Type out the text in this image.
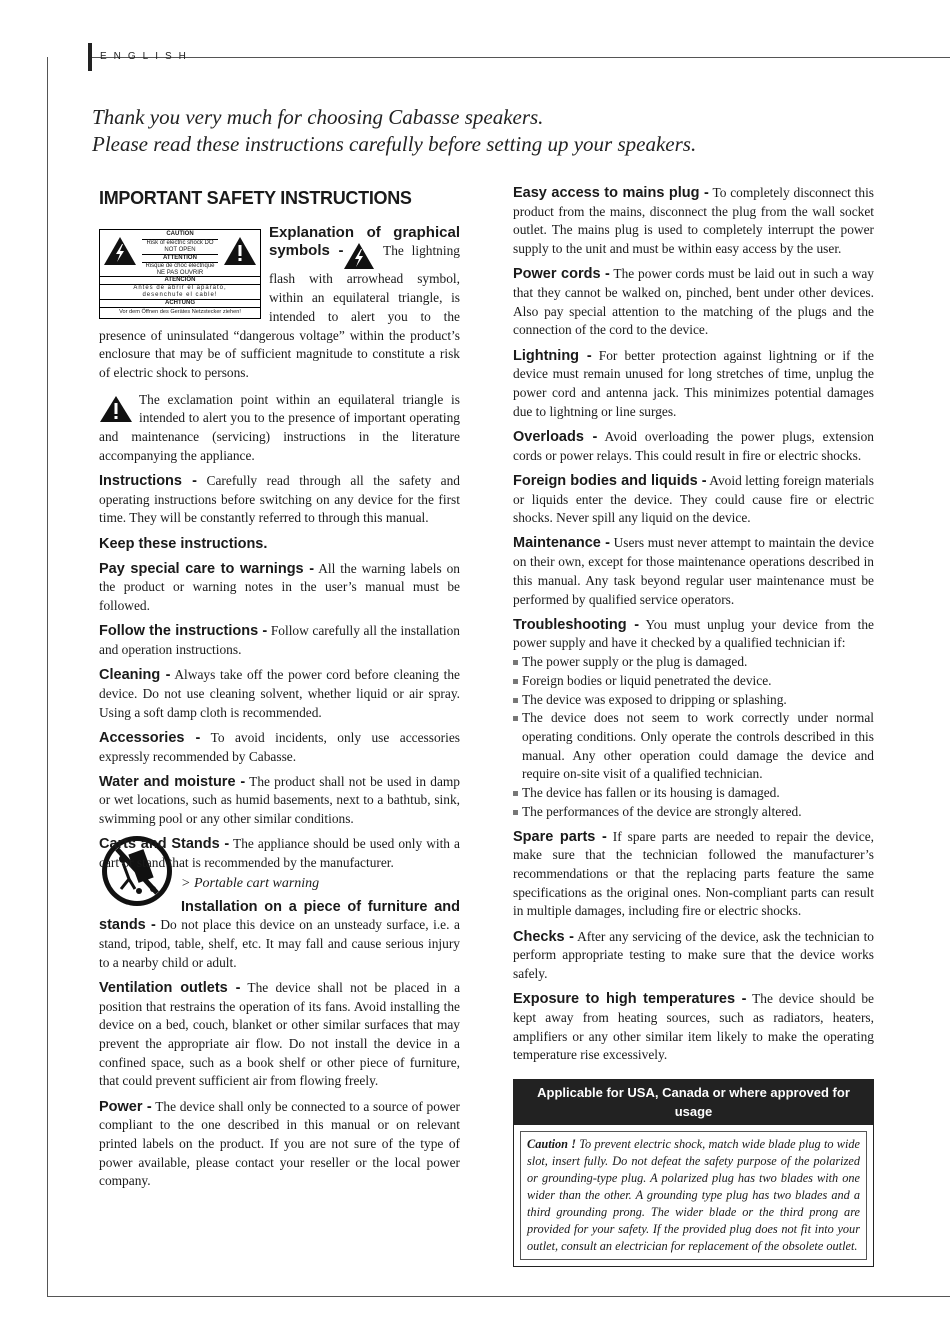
ENGLISH
Thank you very much for choosing Cabasse speakers.
Please read these instructions carefully before setting up your speakers.
IMPORTANT SAFETY INSTRUCTIONS
CAUTION
Risk of electric shock DO NOT OPEN
ATTENTION
Risque de choc électrique NE PAS OUVRIR
ATENCIÓN
Antes de abrir el aparato, desenchufe el cable!
ACHTUNG
Vor dem Öffnen des Gerätes Netzstecker ziehen!

Explanation of graphical symbols - The lightning flash with arrowhead symbol, within an equilateral triangle, is intended to alert you to the presence of uninsulated “dangerous voltage” within the product’s enclosure that may be of sufficient magnitude to constitute a risk of electric shock to persons.

The exclamation point within an equilateral triangle is intended to alert you to the presence of important operating and maintenance (servicing) instructions in the literature accompanying the appliance.

Instructions - Carefully read through all the safety and operating instructions before switching on any device for the first time. They will be constantly referred to through this manual.

Keep these instructions.

Pay special care to warnings - All the warning labels on the product or warning notes in the user’s manual must be followed.

Follow the instructions - Follow carefully all the installation and operation instructions.

Cleaning - Always take off the power cord before cleaning the device. Do not use cleaning solvent, whether liquid or air spray. Using a soft damp cloth is recommended.

Accessories - To avoid incidents, only use accessories expressly recommended by Cabasse.

Water and moisture - The product shall not be used in damp or wet locations, such as humid basements, next to a bathtub, sink, swimming pool or any other similar conditions.

Carts and Stands - The appliance should be used only with a cart or stand that is recommended by the manufacturer.

> Portable cart warning

Installation on a piece of furniture and stands - Do not place this device on an unsteady surface, i.e. a stand, tripod, table, shelf, etc. It may fall and cause serious injury to a nearby child or adult.

Ventilation outlets - The device shall not be placed in a position that restrains the operation of its fans. Avoid installing the device on a bed, couch, blanket or other similar surfaces that may prevent the appropriate air flow. Do not install the device in a confined space, such as a book shelf or other piece of furniture, that could prevent sufficient air from flowing freely.

Power - The device shall only be connected to a source of power compliant to the one described in this manual or on relevant printed labels on the product. If you are not sure of the type of power available, please contact your reseller or the local power company.

Easy access to mains plug - To completely disconnect this product from the mains, disconnect the plug from the wall socket outlet. The mains plug is used to completely interrupt the power supply to the unit and must be within easy access by the user.

Power cords - The power cords must be laid out in such a way that they cannot be walked on, pinched, bent under other devices. Also pay special attention to the matching of the plugs and the connection of the cord to the device.

Lightning - For better protection against lightning or if the device must remain unused for long stretches of time, unplug the power cord and antenna jack. This minimizes potential damages due to lightning or line surges.

Overloads - Avoid overloading the power plugs, extension cords or power relays. This could result in fire or electric shocks.

Foreign bodies and liquids - Avoid letting foreign materials or liquids enter the device. They could cause fire or electric shocks. Never spill any liquid on the device.

Maintenance - Users must never attempt to maintain the device on their own, except for those maintenance operations described in this manual. Any task beyond regular user maintenance must be performed by qualified service operators.

Troubleshooting - You must unplug your device from the power supply and have it checked by a qualified technician if:

The power supply or the plug is damaged.
Foreign bodies or liquid penetrated the device.
The device was exposed to dripping or splashing.
The device does not seem to work correctly under normal operating conditions. Only operate the controls described in this manual. Any other operation could damage the device and require on-site visit of a qualified technician.
The device has fallen or its housing is damaged.
The performances of the device are strongly altered.

Spare parts - If spare parts are needed to repair the device, make sure that the technician followed the manufacturer’s recommendations or that the replacing parts feature the same specifications as the original ones. Non-compliant parts can result in multiple damages, including fire or electric shocks.

Checks - After any servicing of the device, ask the technician to perform appropriate testing to make sure that the device works safely.

Exposure to high temperatures - The device should be kept away from heating sources, such as radiators, heaters, amplifiers or any other similar item likely to make the operating temperature rise excessively.

Applicable for USA, Canada or where approved for usage
Caution ! To prevent electric shock, match wide blade plug to wide slot, insert fully. Do not defeat the safety purpose of the polarized or grounding-type plug. A polarized plug has two blades with one wider than the other. A grounding type plug has two blades and a third grounding prong. The wider blade or the third prong are provided for your safety. If the provided plug does not fit into your outlet, consult an electrician for replacement of the obsolete outlet.
